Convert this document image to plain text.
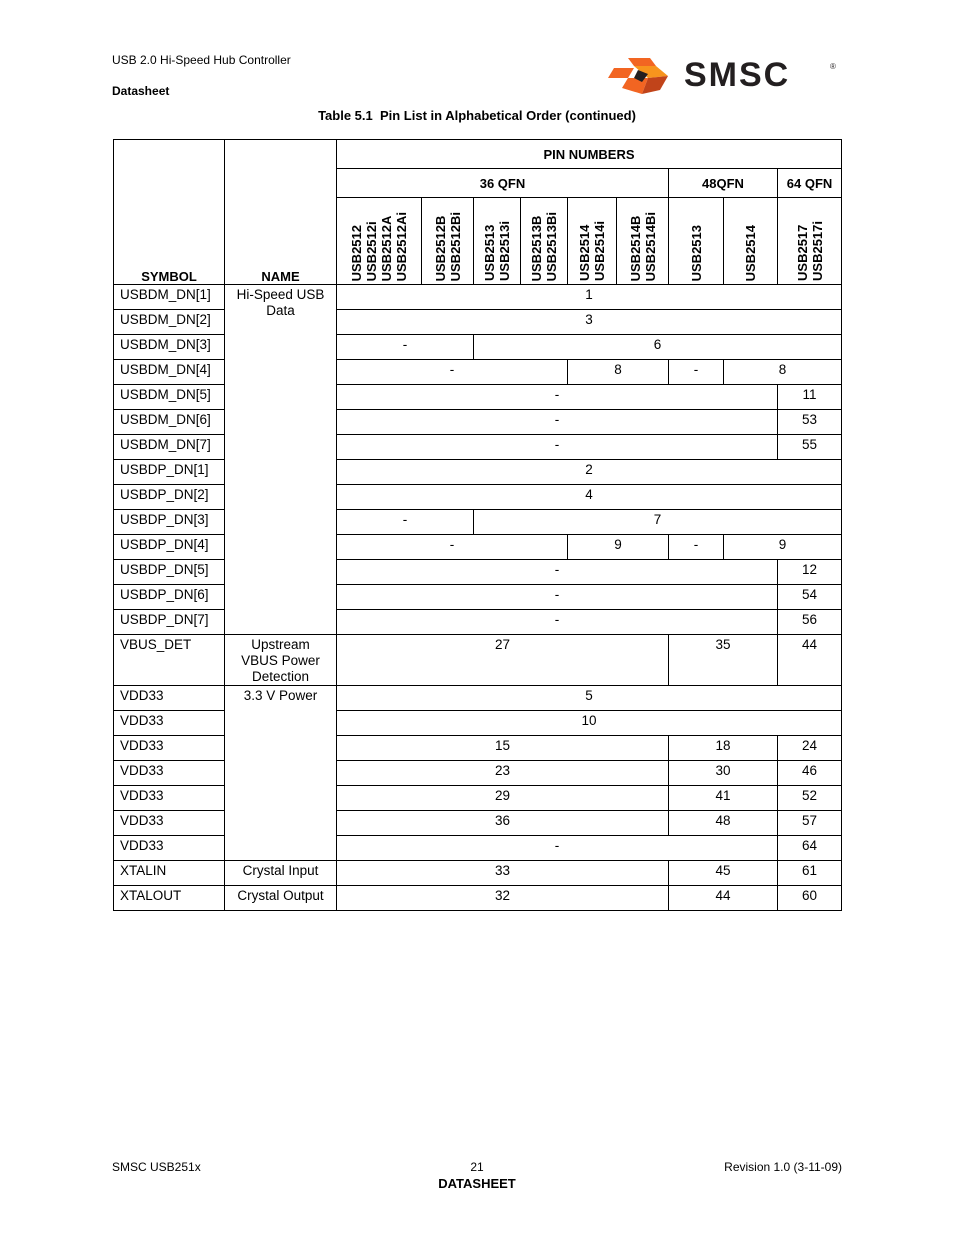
USB 2.0 Hi-Speed Hub Controller
Datasheet	SMSC	®
Table 5.1  Pin List in Alphabetical Order (continued)
SYMBOL	NAME	PIN NUMBERS								
		36 QFN						48QFN		64 QFN

		USB2512 USB2512i USB2512A USB2512Ai	USB2512B USB2512Bi	USB2513 USB2513i	USB2513B USB2513Bi	USB2514 USB2514i	USB2514B USB2514Bi	USB2513	USB2514	USB2517 USB2517i

USBDM_DN[1]	Hi-Speed USB
Data	1								
USBDM_DN[2]		3								
USBDM_DN[3]		-		6						
USBDM_DN[4]		-				8		-	8	
USBDM_DN[5]		-								11
USBDM_DN[6]		-								53
USBDM_DN[7]		-								55
USBDP_DN[1]		2								
USBDP_DN[2]		4								
USBDP_DN[3]		-		7						
USBDP_DN[4]		-				9		-	9	
USBDP_DN[5]		-								12
USBDP_DN[6]		-								54
USBDP_DN[7]		-								56
VBUS_DET	Upstream
VBUS Power
Detection	27						35		44
VDD33	3.3 V Power	5								
VDD33		10								
VDD33		15						18		24
VDD33		23						30		46
VDD33		29						41		52
VDD33		36						48		57
VDD33		-								64
XTALIN	Crystal Input	33						45		61
XTALOUT	Crystal Output	32						44		60
SMSC USB251x	21
DATASHEET
Revision 1.0 (3-11-09)
